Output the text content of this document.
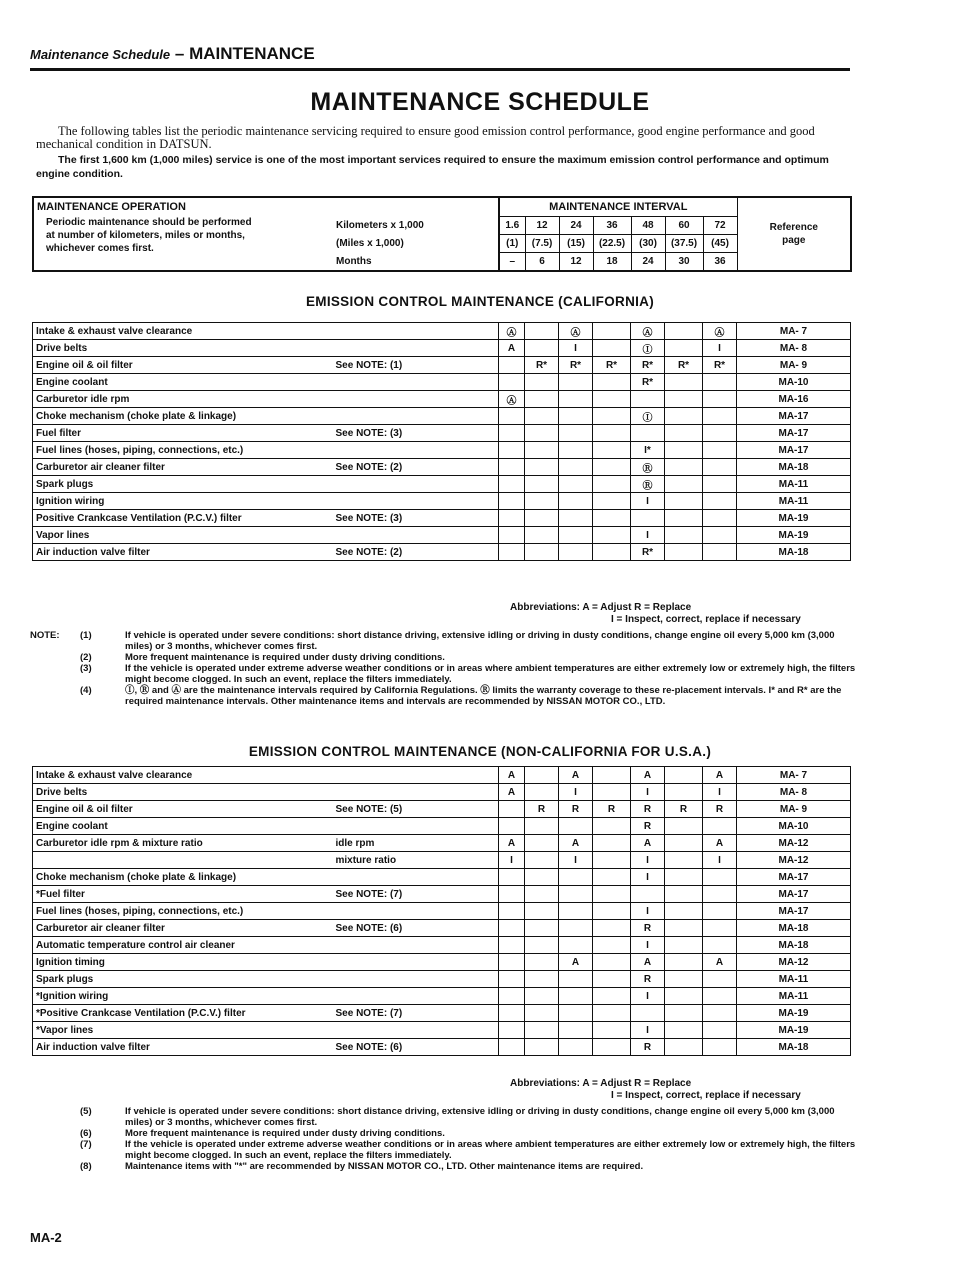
Maintenance Schedule – MAINTENANCE
MAINTENANCE SCHEDULE
The following tables list the periodic maintenance servicing required to ensure good emission control performance, good engine performance and good mechanical condition in DATSUN.
The first 1,600 km (1,000 miles) service is one of the most important services required to ensure the maximum emission control performance and optimum engine condition.
MAINTENANCE OPERATION		MAINTENANCE INTERVAL							Reference
page

Periodic maintenance should be performed
at number of kilometers, miles or months,
whichever comes first.	Kilometers x 1,000	1.6	12	24	36	48	60	72	
	(Miles x 1,000)	(1)	(7.5)	(15)	(22.5)	(30)	(37.5)	(45)	
	Months	–	6	12	18	24	30	36	
EMISSION CONTROL MAINTENANCE (CALIFORNIA)
Intake & exhaust valve clearance		Ⓐ		Ⓐ		Ⓐ		Ⓐ	MA- 7
Drive belts		A		I		Ⓘ		I	MA- 8
Engine oil & oil filter	See NOTE: (1)		R*	R*	R*	R*	R*	R*	MA- 9
Engine coolant						R*			MA-10
Carburetor idle rpm		Ⓐ							MA-16
Choke mechanism (choke plate & linkage)						Ⓘ			MA-17
Fuel filter	See NOTE: (3)								MA-17
Fuel lines (hoses, piping, connections, etc.)						I*			MA-17
Carburetor air cleaner filter	See NOTE: (2)					Ⓡ			MA-18
Spark plugs						Ⓡ			MA-11
Ignition wiring						I			MA-11
Positive Crankcase Ventilation (P.C.V.) filter	See NOTE: (3)								MA-19
Vapor lines						I			MA-19
Air induction valve filter	See NOTE: (2)					R*			MA-18
Abbreviations: A = Adjust R = Replace
I = Inspect, correct, replace if necessary
NOTE:	(1)	If vehicle is operated under severe conditions: short distance driving, extensive idling or driving in dusty conditions, change engine oil every 5,000 km (3,000 miles) or 3 months, whichever comes first.
(2)	More frequent maintenance is required under dusty driving conditions.
(3)	If the vehicle is operated under extreme adverse weather conditions or in areas where ambient temperatures are either extremely low or extremely high, the filters might become clogged. In such an event, replace the filters immediately.
(4)	Ⓘ, Ⓡ and Ⓐ are the maintenance intervals required by California Regulations. Ⓡ limits the warranty coverage to these re-placement intervals. I* and R* are the required maintenance intervals. Other maintenance items and intervals are recommended by NISSAN MOTOR CO., LTD.
EMISSION CONTROL MAINTENANCE (NON-CALIFORNIA FOR U.S.A.)
Intake & exhaust valve clearance		A		A		A		A	MA- 7
Drive belts		A		I		I		I	MA- 8
Engine oil & oil filter	See NOTE: (5)		R	R	R	R	R	R	MA- 9
Engine coolant						R			MA-10
Carburetor idle rpm & mixture ratio	idle rpm	A		A		A		A	MA-12
	mixture ratio	I		I		I		I	MA-12
Choke mechanism (choke plate & linkage)						I			MA-17
*Fuel filter	See NOTE: (7)								MA-17
Fuel lines (hoses, piping, connections, etc.)						I			MA-17
Carburetor air cleaner filter	See NOTE: (6)					R			MA-18
Automatic temperature control air cleaner						I			MA-18
Ignition timing				A		A		A	MA-12
Spark plugs						R			MA-11
*Ignition wiring						I			MA-11
*Positive Crankcase Ventilation (P.C.V.) filter	See NOTE: (7)								MA-19
*Vapor lines						I			MA-19
Air induction valve filter	See NOTE: (6)					R			MA-18
Abbreviations: A = Adjust R = Replace
I = Inspect, correct, replace if necessary
(5)	If vehicle is operated under severe conditions: short distance driving, extensive idling or driving in dusty conditions, change engine oil every 5,000 km (3,000 miles) or 3 months, whichever comes first.
(6)	More frequent maintenance is required under dusty driving conditions.
(7)	If the vehicle is operated under extreme adverse weather conditions or in areas where ambient temperatures are either extremely low or extremely high, the filters might become clogged. In such an event, replace the filters immediately.
(8)	Maintenance items with "*" are recommended by NISSAN MOTOR CO., LTD. Other maintenance items are required.
MA-2
